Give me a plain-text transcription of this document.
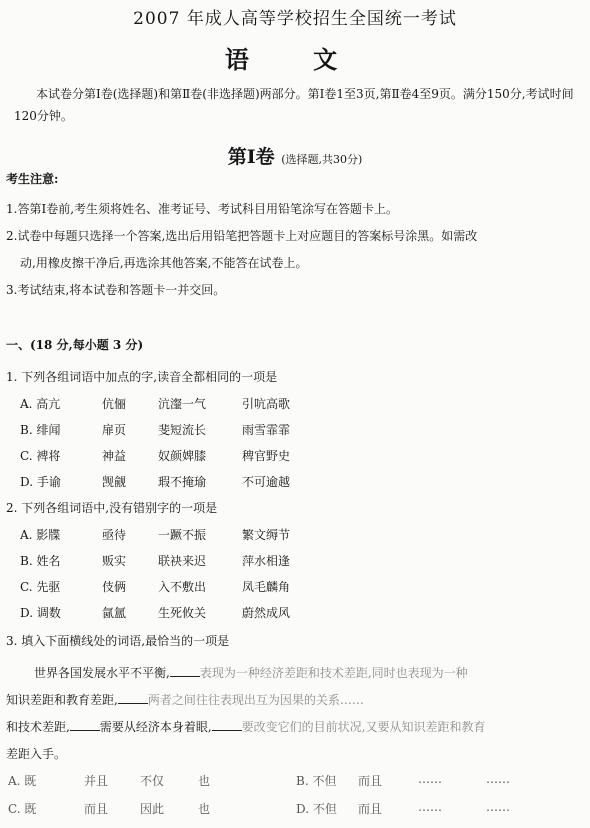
2007 年成人高等学校招生全国统一考试
语 文
本试卷分第Ⅰ卷(选择题)和第Ⅱ卷(非选择题)两部分。第Ⅰ卷1至3页,第Ⅱ卷4至9页。满分150分,考试时间120分钟。
第Ⅰ卷 (选择题,共30分)
考生注意:
1.答第Ⅰ卷前,考生须将姓名、准考证号、考试科目用铅笔涂写在答题卡上。
2.试卷中每题只选择一个答案,选出后用铅笔把答题卡上对应题目的答案标号涂黑。如需改
动,用橡皮擦干净后,再选涂其他答案,不能答在试卷上。
3.考试结束,将本试卷和答题卡一并交回。
一、(18 分,每小题 3 分)
1. 下列各组词语中加点的字,读音全都相同的一项是
A. 高亢	伉俪	沆瀣一气	引吭高歌
B. 绯闻	扉页	斐短流长	雨雪霏霏
C. 裨将	神益	奴颜婢膝	稗官野史
D. 手谕	觊觎	瑕不掩瑜	不可逾越
2. 下列各组词语中,没有错别字的一项是
A. 影牒	亟待	一蹶不振	繁文缛节
B. 姓名	贩实	联袂来迟	萍水相逢
C. 先驱	伎俩	入不敷出	凤毛麟角
D. 调数	氤氲	生死攸关	蔚然成风
3. 填入下面横线处的词语,最恰当的一项是
世界各国发展水平不平衡,	表现为一种经济差距和技术差距,同时也表现为一种
知识差距和教育差距,	两者之间往往表现出互为因果的关系……
和技术差距,	需要从经济本身着眼,	要改变它们的目前状况,又要从知识差距和教育
差距入手。
A. 既	并且	不仅	也	B. 不但 而且	……	……
C. 既	而且	因此	也	D. 不但 而且	……	……
